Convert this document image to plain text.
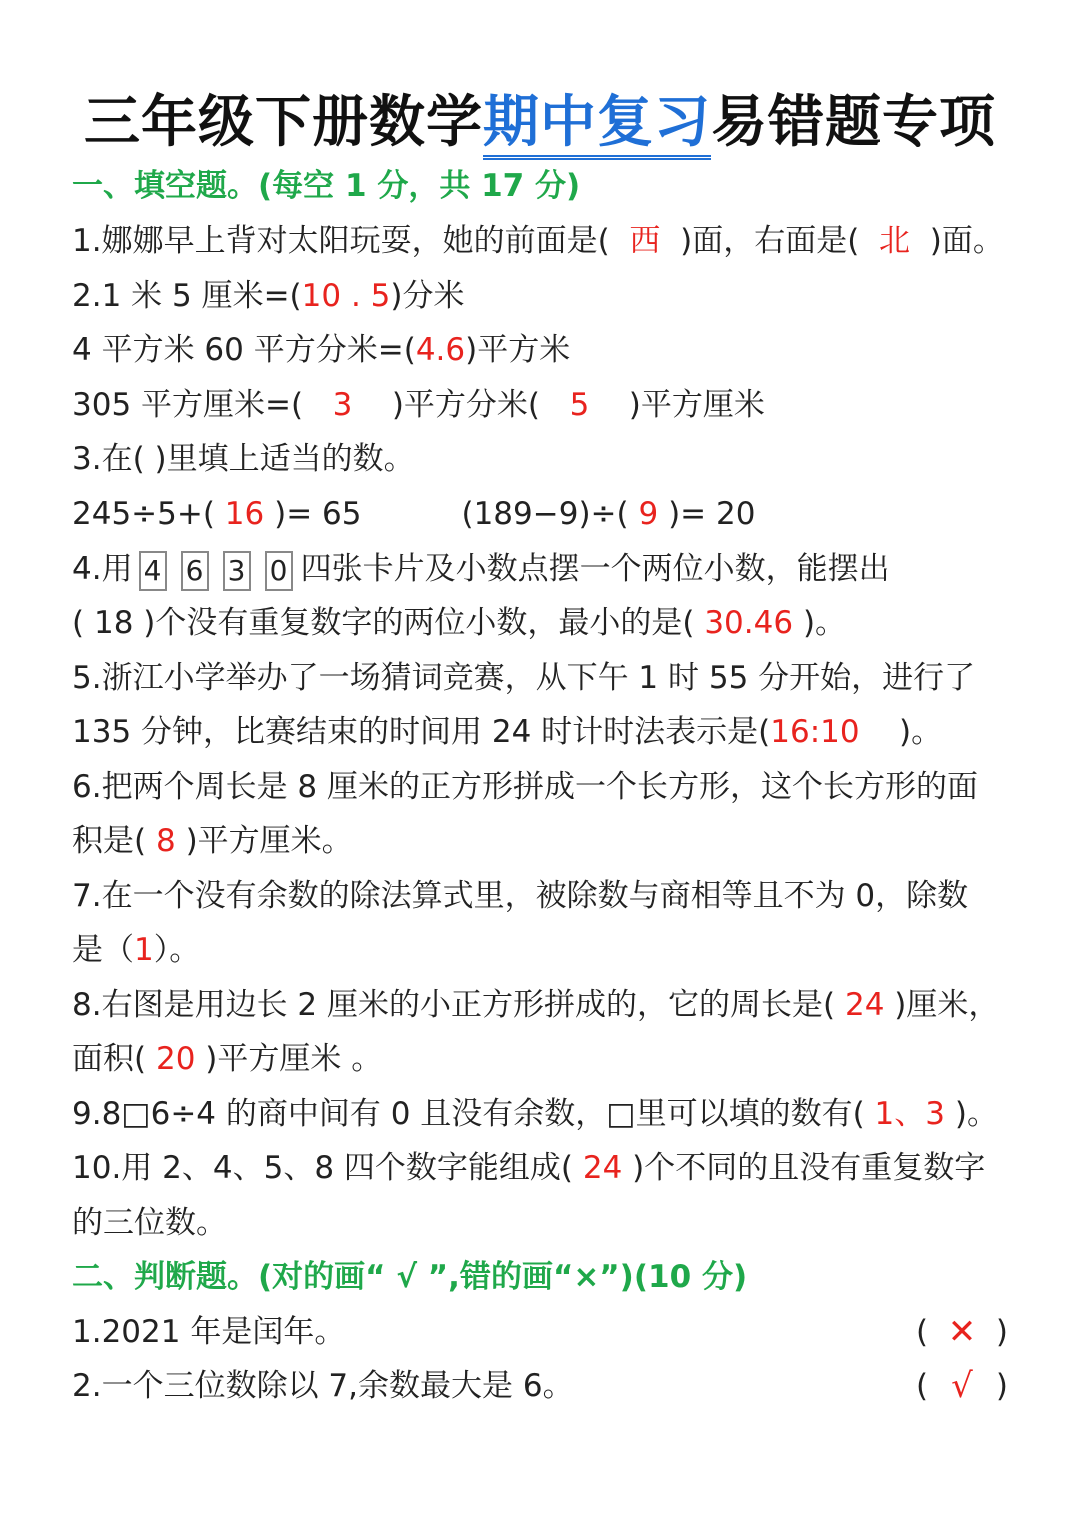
三年级下册数学期中复习易错题专项
一、填空题。(每空 1 分，共 17 分)
1.娜娜早上背对太阳玩耍，她的前面是( 西 )面，右面是( 北 )面。
2.1 米 5 厘米=(10 . 5)分米
4 平方米 60 平方分米=(4.6)平方米
305 平方厘米=( 3 )平方分米( 5 )平方厘米
3.在( )里填上适当的数。
245÷5+( 16 )= 65	(189−9)÷( 9 )= 20
4.用 4 6 3 0 四张卡片及小数点摆一个两位小数，能摆出
( 18 )个没有重复数字的两位小数，最小的是( 30.46 )。
5.浙江小学举办了一场猜词竞赛，从下午 1 时 55 分开始，进行了
135 分钟，比赛结束的时间用 24 时计时法表示是(16:10 )。
6.把两个周长是 8 厘米的正方形拼成一个长方形，这个长方形的面
积是( 8 )平方厘米。
7.在一个没有余数的除法算式里，被除数与商相等且不为 0，除数
是（1）。
8.右图是用边长 2 厘米的小正方形拼成的，它的周长是( 24 )厘米，
面积( 20 )平方厘米 。
9.8□6÷4 的商中间有 0 且没有余数，□里可以填的数有( 1、3 )。
10.用 2、4、5、8 四个数字能组成( 24 )个不同的且没有重复数字
的三位数。
二、判断题。(对的画“ √ ”,错的画“×”)(10 分)
1.2021 年是闰年。	( ✕ )
2.一个三位数除以 7,余数最大是 6。	( √ )
